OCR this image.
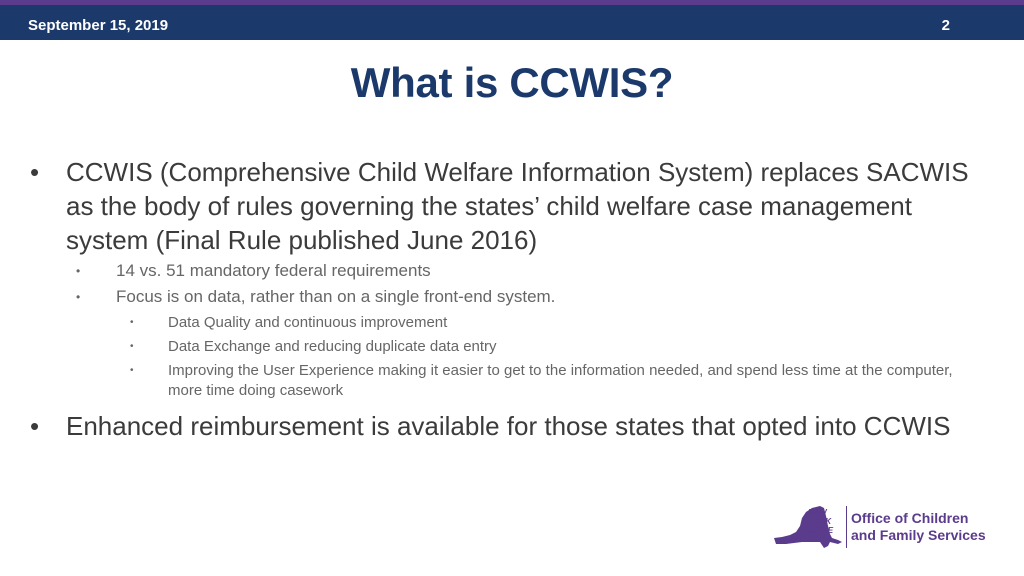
September 15, 2019	2
What is CCWIS?
• CCWIS (Comprehensive Child Welfare Information System) replaces SACWIS as the body of rules governing the states’ child welfare case management system (Final Rule published June 2016)
• 14 vs. 51 mandatory federal requirements
• Focus is on data, rather than on a single front-end system.
• Data Quality and continuous improvement
• Data Exchange and reducing duplicate data entry
• Improving the User Experience making it easier to get to the information needed, and spend less time at the computer, more time doing casework
• Enhanced reimbursement is available for those states that opted into CCWIS
NEW
YORK
STATE
Office of Children
and Family Services
